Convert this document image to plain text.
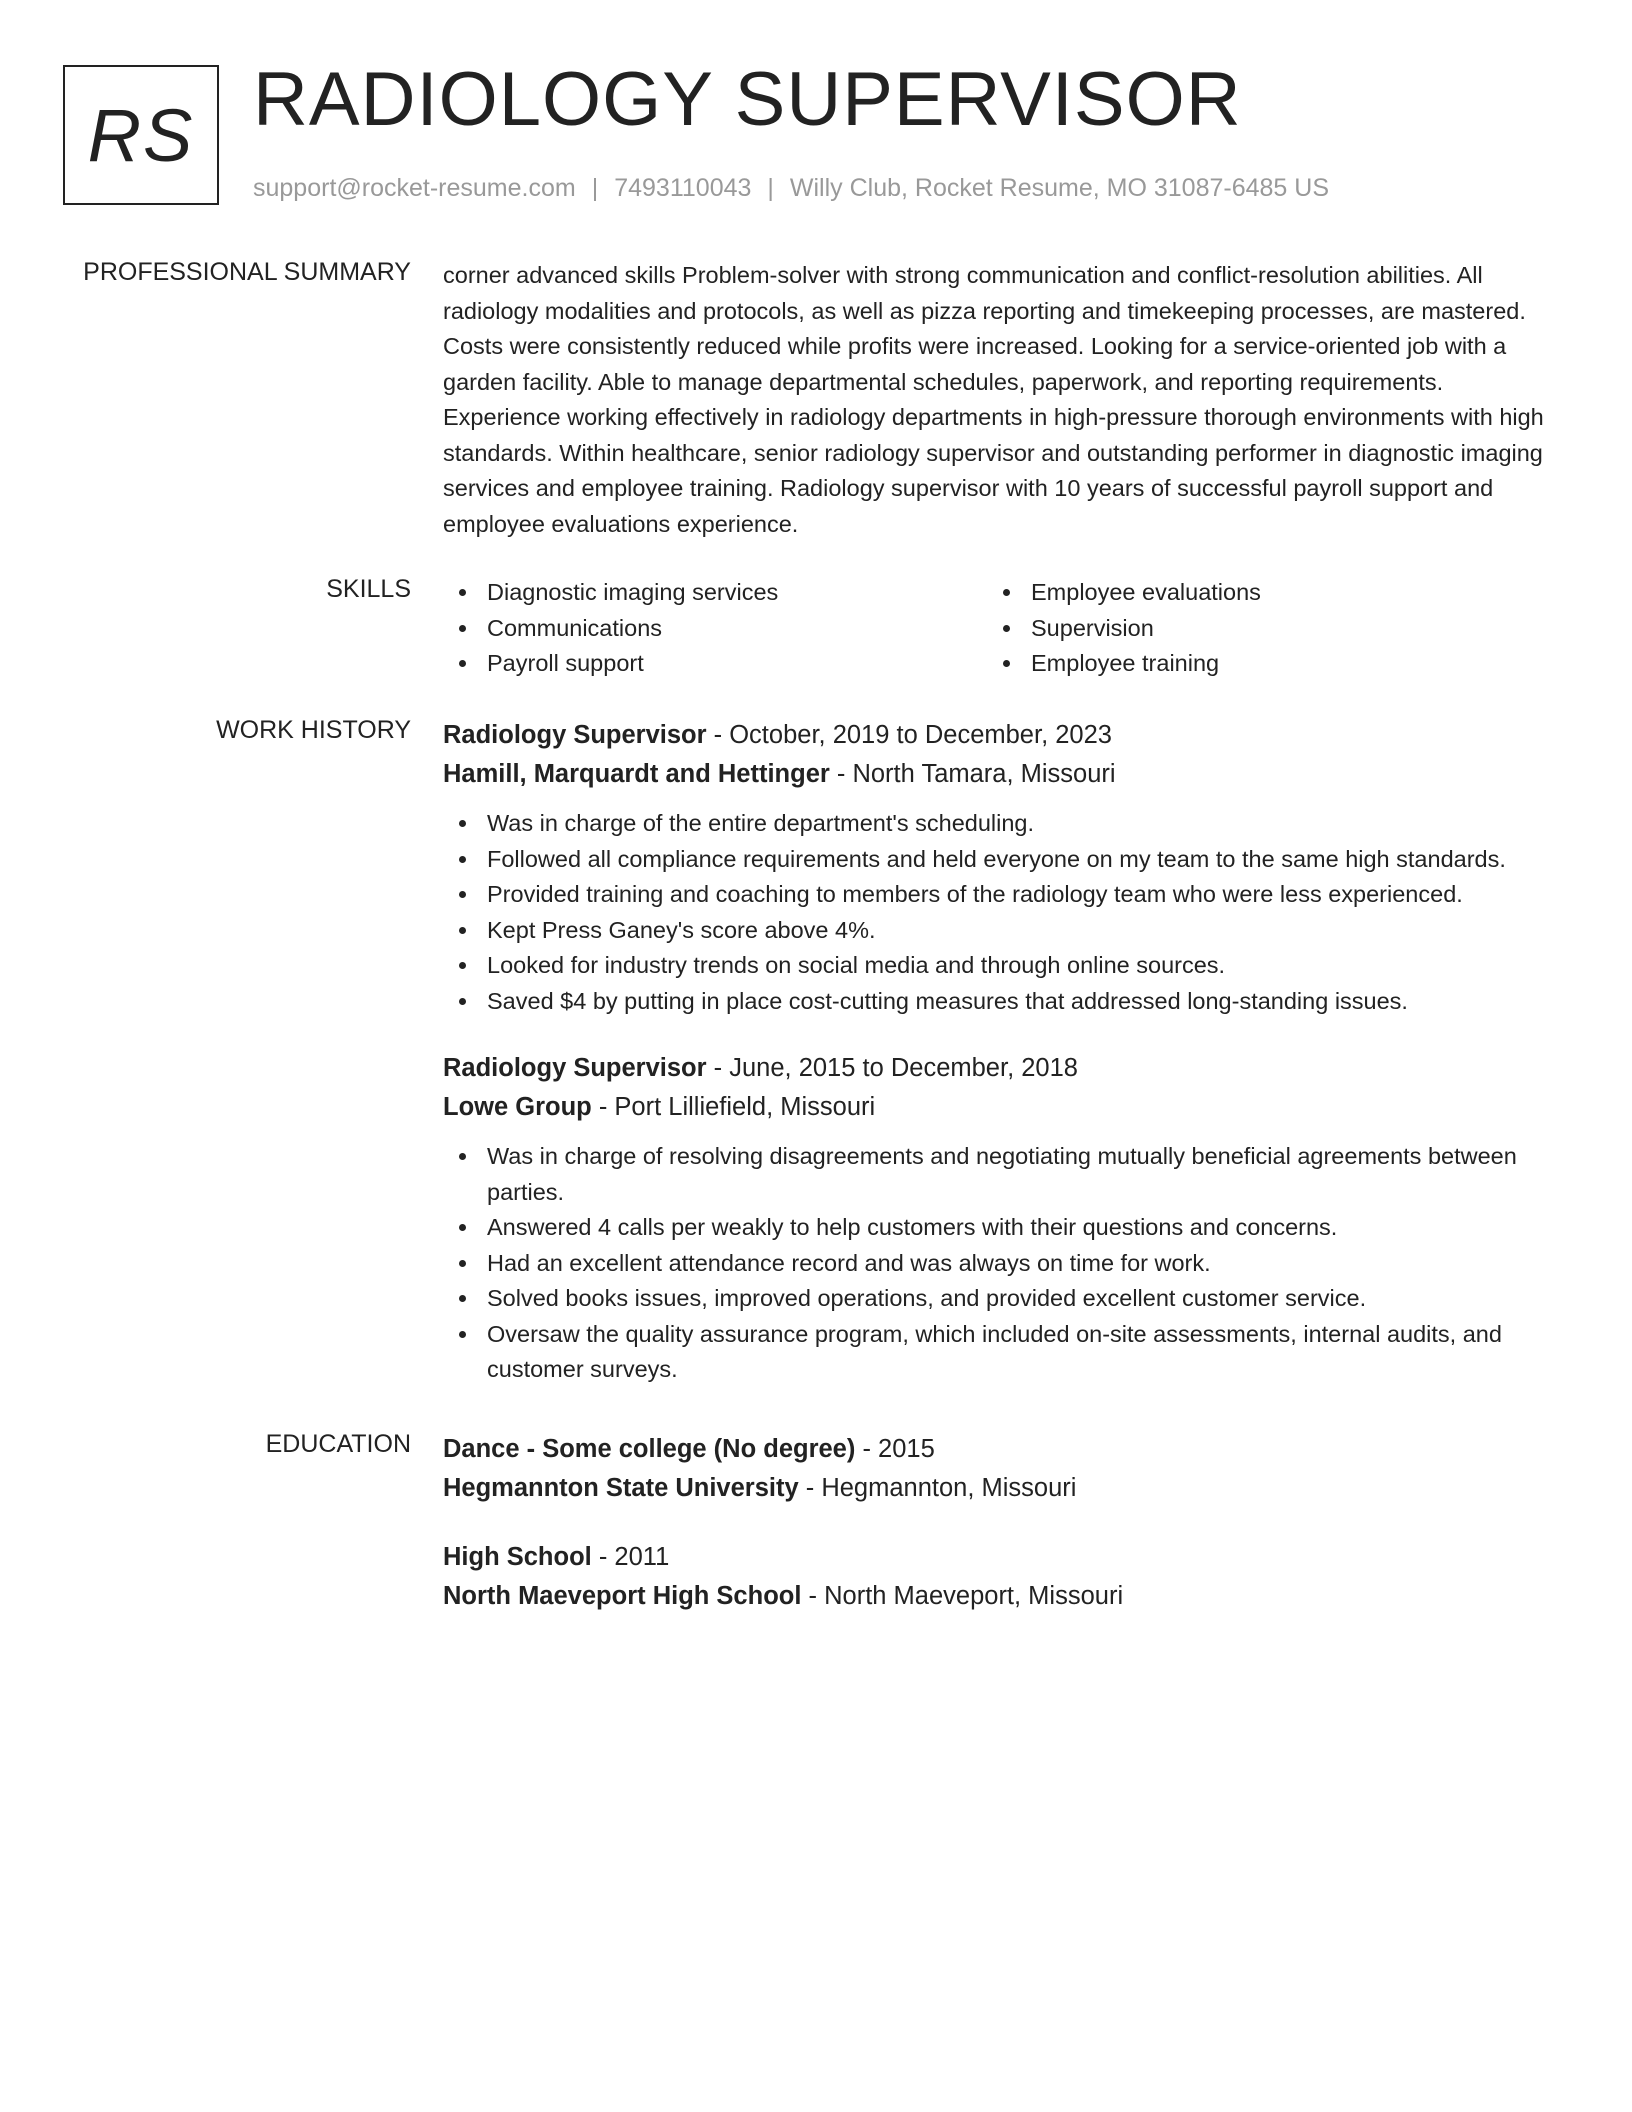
RS RADIOLOGY SUPERVISOR
support@rocket-resume.com | 7493110043 | Willy Club, Rocket Resume, MO 31087-6485 US
PROFESSIONAL SUMMARY corner advanced skills Problem-solver with strong communication and conflict-resolution abilities. All radiology modalities and protocols, as well as pizza reporting and timekeeping processes, are mastered. Costs were consistently reduced while profits were increased. Looking for a service-oriented job with a garden facility. Able to manage departmental schedules, paperwork, and reporting requirements. Experience working effectively in radiology departments in high-pressure thorough environments with high standards. Within healthcare, senior radiology supervisor and outstanding performer in diagnostic imaging services and employee training. Radiology supervisor with 10 years of successful payroll support and employee evaluations experience.

SKILLS	Diagnostic imaging services
Communications
Payroll support
Employee evaluations
Supervision
Employee training
WORK HISTORY Radiology Supervisor - October, 2019 to December, 2023
Hamill, Marquardt and Hettinger - North Tamara, Missouri
Was in charge of the entire department's scheduling.
Followed all compliance requirements and held everyone on my team to the same high standards.
Provided training and coaching to members of the radiology team who were less experienced.
Kept Press Ganey's score above 4%.
Looked for industry trends on social media and through online sources.
Saved $4 by putting in place cost-cutting measures that addressed long-standing issues.
Radiology Supervisor - June, 2015 to December, 2018
Lowe Group - Port Lilliefield, Missouri
Was in charge of resolving disagreements and negotiating mutually beneficial agreements between parties.
Answered 4 calls per weakly to help customers with their questions and concerns.
Had an excellent attendance record and was always on time for work.
Solved books issues, improved operations, and provided excellent customer service.
Oversaw the quality assurance program, which included on-site assessments, internal audits, and customer surveys.
EDUCATION Dance - Some college (No degree) - 2015
Hegmannton State University - Hegmannton, Missouri
High School - 2011
North Maeveport High School - North Maeveport, Missouri
